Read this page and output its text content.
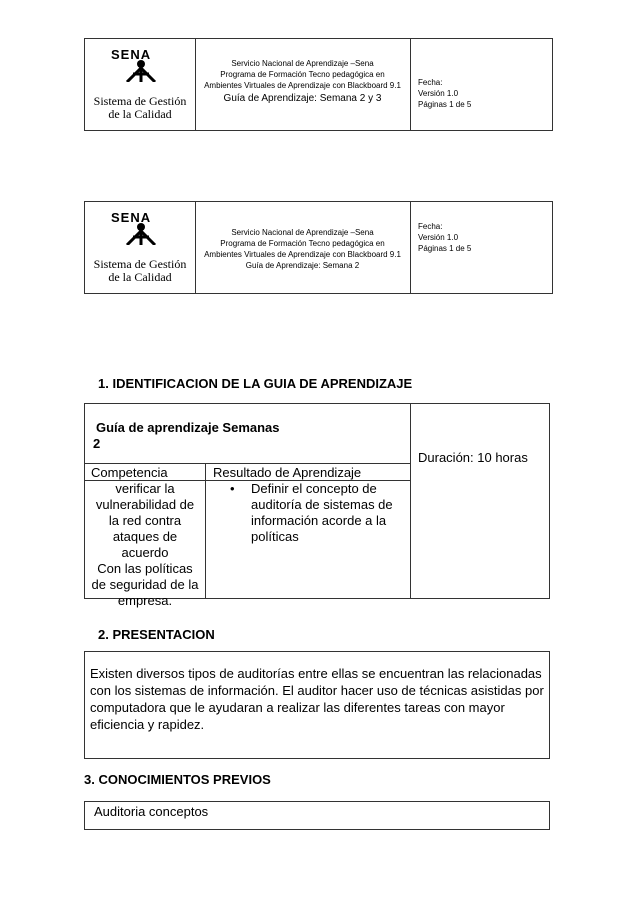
SENA
Sistema de Gestión
de la Calidad
Servicio Nacional de Aprendizaje –Sena
Programa de Formación Tecno pedagógica en
Ambientes Virtuales de Aprendizaje con Blackboard 9.1
Guía de Aprendizaje: Semana 2 y 3
Fecha:
Versión 1.0
Páginas 1 de 5
SENA
Sistema de Gestión
de la Calidad
Servicio Nacional de Aprendizaje –Sena
Programa de Formación Tecno pedagógica en
Ambientes Virtuales de Aprendizaje con Blackboard 9.1
Guía de Aprendizaje: Semana 2
Fecha:
Versión 1.0
Páginas 1 de 5
1. IDENTIFICACION DE LA GUIA DE APRENDIZAJE
Guía de aprendizaje Semanas
2
Duración: 10 horas
Competencia	Resultado de Aprendizaje
verificar la
vulnerabilidad de
la red contra
ataques de
acuerdo
Con las políticas
de seguridad de la
empresa.
• Definir el concepto de
auditoría de sistemas de
información acorde a la
políticas
2. PRESENTACION
Existen diversos tipos de auditorías entre ellas se encuentran las relacionadas
con los sistemas de información. El auditor hacer uso de técnicas asistidas por
computadora que le ayudaran a realizar las diferentes tareas con mayor
eficiencia y rapidez.
3. CONOCIMIENTOS PREVIOS
Auditoria conceptos
